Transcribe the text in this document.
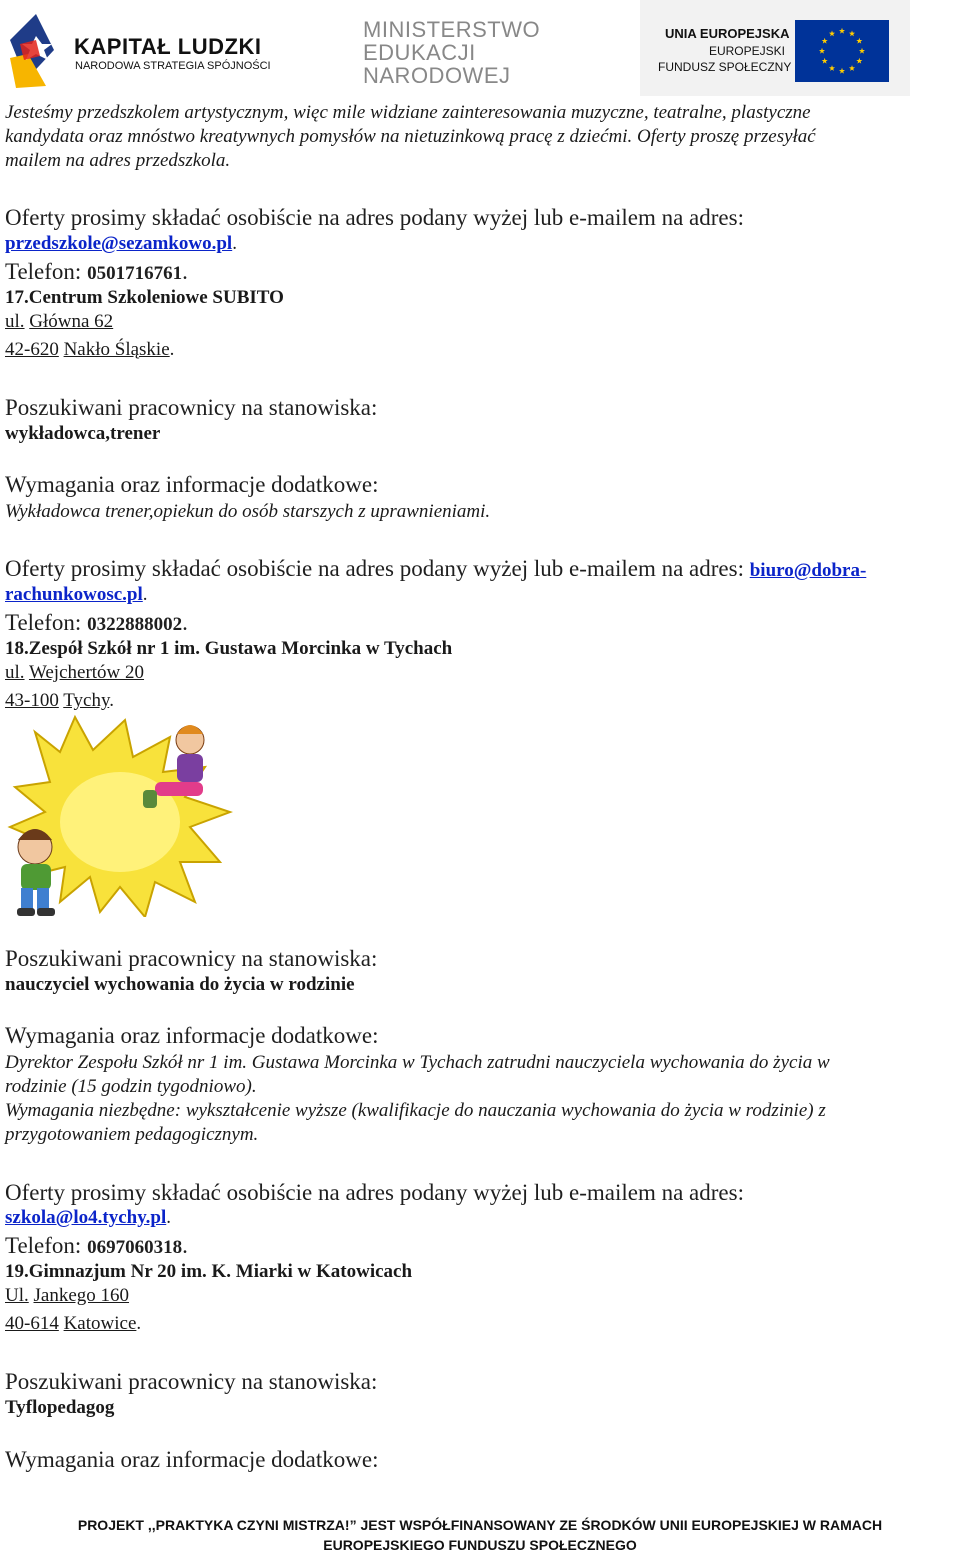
KAPITAŁ LUDZKI
NARODOWA STRATEGIA SPÓJNOŚCI
MINISTERSTWO
EDUKACJI
NARODOWEJ
UNIA EUROPEJSKA
EUROPEJSKI
FUNDUSZ SPOŁECZNY
Jesteśmy przedszkolem artystycznym, więc mile widziane zainteresowania muzyczne, teatralne, plastyczne
kandydata oraz mnóstwo kreatywnych pomysłów na nietuzinkową pracę z dziećmi. Oferty proszę przesyłać
mailem na adres przedszkola.
Oferty prosimy składać osobiście na adres podany wyżej lub e-mailem na adres:
przedszkole@sezamkowo.pl.
Telefon: 0501716761.
17.Centrum Szkoleniowe SUBITO
ul. Główna 62
42-620 Nakło Śląskie.
Poszukiwani pracownicy na stanowiska:
wykładowca,trener
Wymagania oraz informacje dodatkowe:
Wykładowca trener,opiekun do osób starszych z uprawnieniami.
Oferty prosimy składać osobiście na adres podany wyżej lub e-mailem na adres: biuro@dobra-
rachunkowosc.pl.
Telefon: 0322888002.
18.Zespół Szkół nr 1 im. Gustawa Morcinka w Tychach
ul. Wejchertów 20
43-100 Tychy.
Poszukiwani pracownicy na stanowiska:
nauczyciel wychowania do życia w rodzinie
Wymagania oraz informacje dodatkowe:
Dyrektor Zespołu Szkół nr 1 im. Gustawa Morcinka w Tychach zatrudni nauczyciela wychowania do życia w
rodzinie (15 godzin tygodniowo).
Wymagania niezbędne: wykształcenie wyższe (kwalifikacje do nauczania wychowania do życia w rodzinie) z
przygotowaniem pedagogicznym.
Oferty prosimy składać osobiście na adres podany wyżej lub e-mailem na adres:
szkola@lo4.tychy.pl.
Telefon: 0697060318.
19.Gimnazjum Nr 20 im. K. Miarki w Katowicach
Ul. Jankego 160
40-614 Katowice.
Poszukiwani pracownicy na stanowiska:
Tyflopedagog
Wymagania oraz informacje dodatkowe:
PROJEKT ,,PRAKTYKA CZYNI MISTRZA!” JEST WSPÓŁFINANSOWANY ZE ŚRODKÓW UNII EUROPEJSKIEJ W RAMACH
EUROPEJSKIEGO FUNDUSZU SPOŁECZNEGO
